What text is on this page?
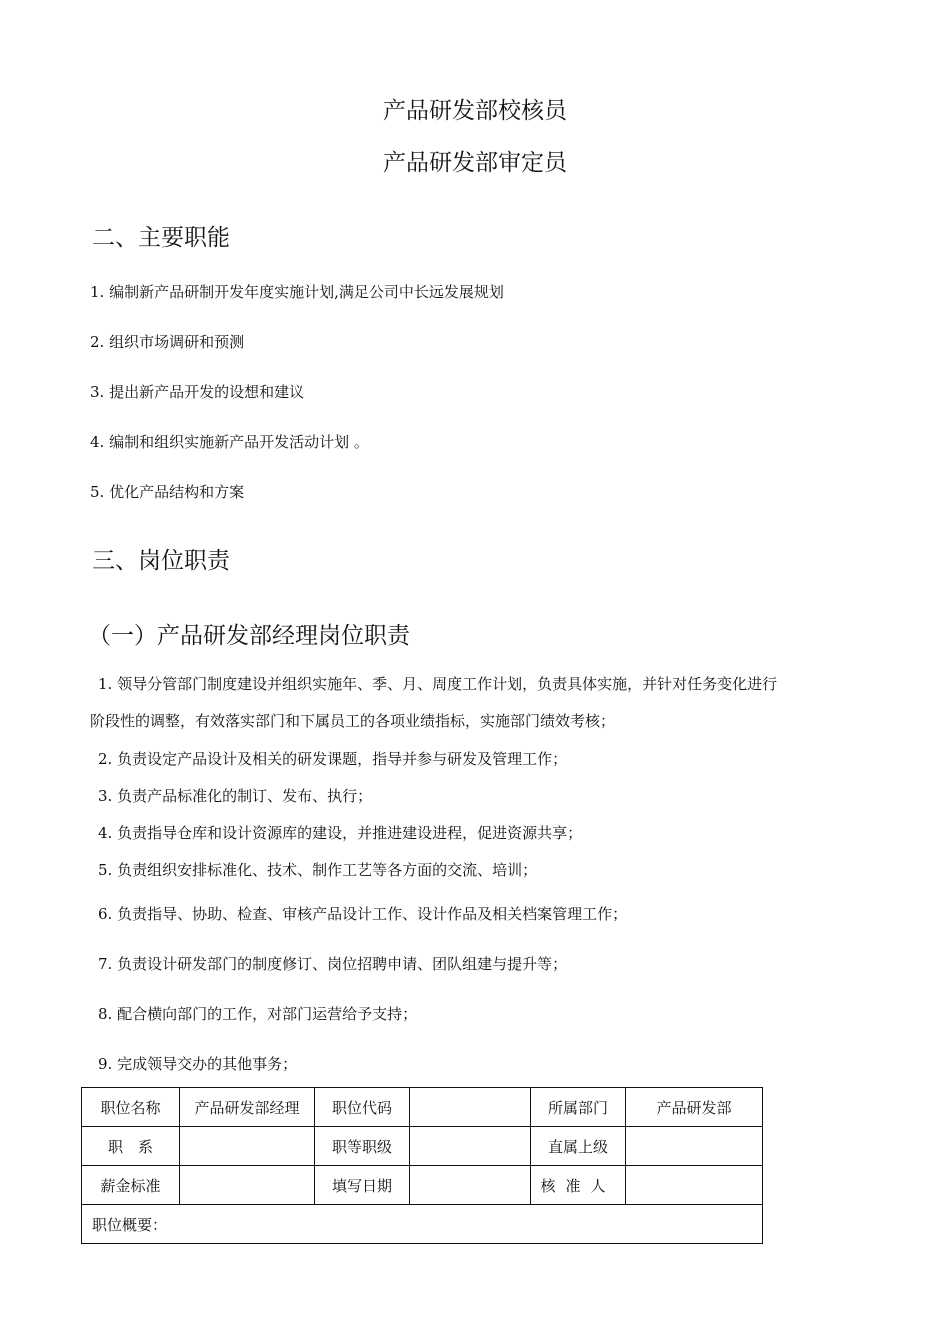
产品研发部校核员
产品研发部审定员
二、主要职能
1. 编制新产品研制开发年度实施计划,满足公司中长远发展规划
2. 组织市场调研和预测
3. 提出新产品开发的设想和建议
4. 编制和组织实施新产品开发活动计划 。
5. 优化产品结构和方案
三、岗位职责
（一）产品研发部经理岗位职责
1. 领导分管部门制度建设并组织实施年、季、月、周度工作计划，负责具体实施，并针对任务变化进行
阶段性的调整，有效落实部门和下属员工的各项业绩指标，实施部门绩效考核；
2. 负责设定产品设计及相关的研发课题，指导并参与研发及管理工作；
3. 负责产品标准化的制订、发布、执行；
4. 负责指导仓库和设计资源库的建设，并推进建设进程，促进资源共享；
5. 负责组织安排标准化、技术、制作工艺等各方面的交流、培训；
6. 负责指导、协助、检查、审核产品设计工作、设计作品及相关档案管理工作；
7. 负责设计研发部门的制度修订、岗位招聘申请、团队组建与提升等；
8. 配合横向部门的工作，对部门运营给予支持；
9. 完成领导交办的其他事务；
职位名称	产品研发部经理	职位代码		所属部门	产品研发部
职　系		职等职级		直属上级	
薪金标准		填写日期		核准人	
职位概要：					
